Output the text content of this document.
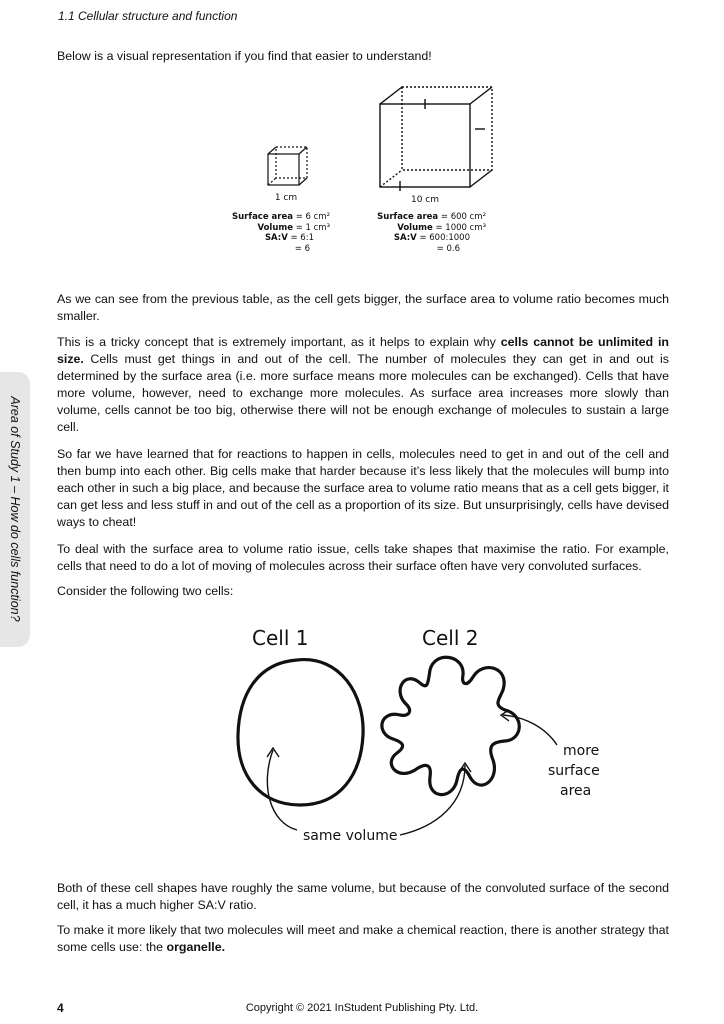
1.1 Cellular structure and function

Below is a visual representation if you find that easier to understand!

1 cm	10 cm
Surface area = 6 cm²
Volume = 1 cm³
SA:V = 6:1
= 6
Surface area = 600 cm²
Volume = 1000 cm³
SA:V = 600:1000
= 0.6

As we can see from the previous table, as the cell gets bigger, the surface area to volume ratio becomes much smaller.

This is a tricky concept that is extremely important, as it helps to explain why cells cannot be unlimited in size. Cells must get things in and out of the cell. The number of molecules they can get in and out is determined by the surface area (i.e. more surface means more molecules can be exchanged). Cells that have more volume, however, need to exchange more molecules. As surface area increases more slowly than volume, cells cannot be too big, otherwise there will not be enough exchange of molecules to sustain a large cell.

So far we have learned that for reactions to happen in cells, molecules need to get in and out of the cell and then bump into each other. Big cells make that harder because it’s less likely that the molecules will bump into each other in such a big place, and because the surface area to volume ratio means that as a cell gets bigger, it can get less and less stuff in and out of the cell as a proportion of its size. But unsurprisingly, cells have devised ways to cheat!

To deal with the surface area to volume ratio issue, cells take shapes that maximise the ratio. For example, cells that need to do a lot of moving of molecules across their surface often have very convoluted surfaces.

Consider the following two cells:

Cell 1	Cell 2
more
surface
area
same volume

Both of these cell shapes have roughly the same volume, but because of the convoluted surface of the second cell, it has a much higher SA:V ratio.

To make it more likely that two molecules will meet and make a chemical reaction, there is another strategy that some cells use: the organelle.

Area of Study 1 – How do cells function?
4	Copyright © 2021 InStudent Publishing Pty. Ltd.
